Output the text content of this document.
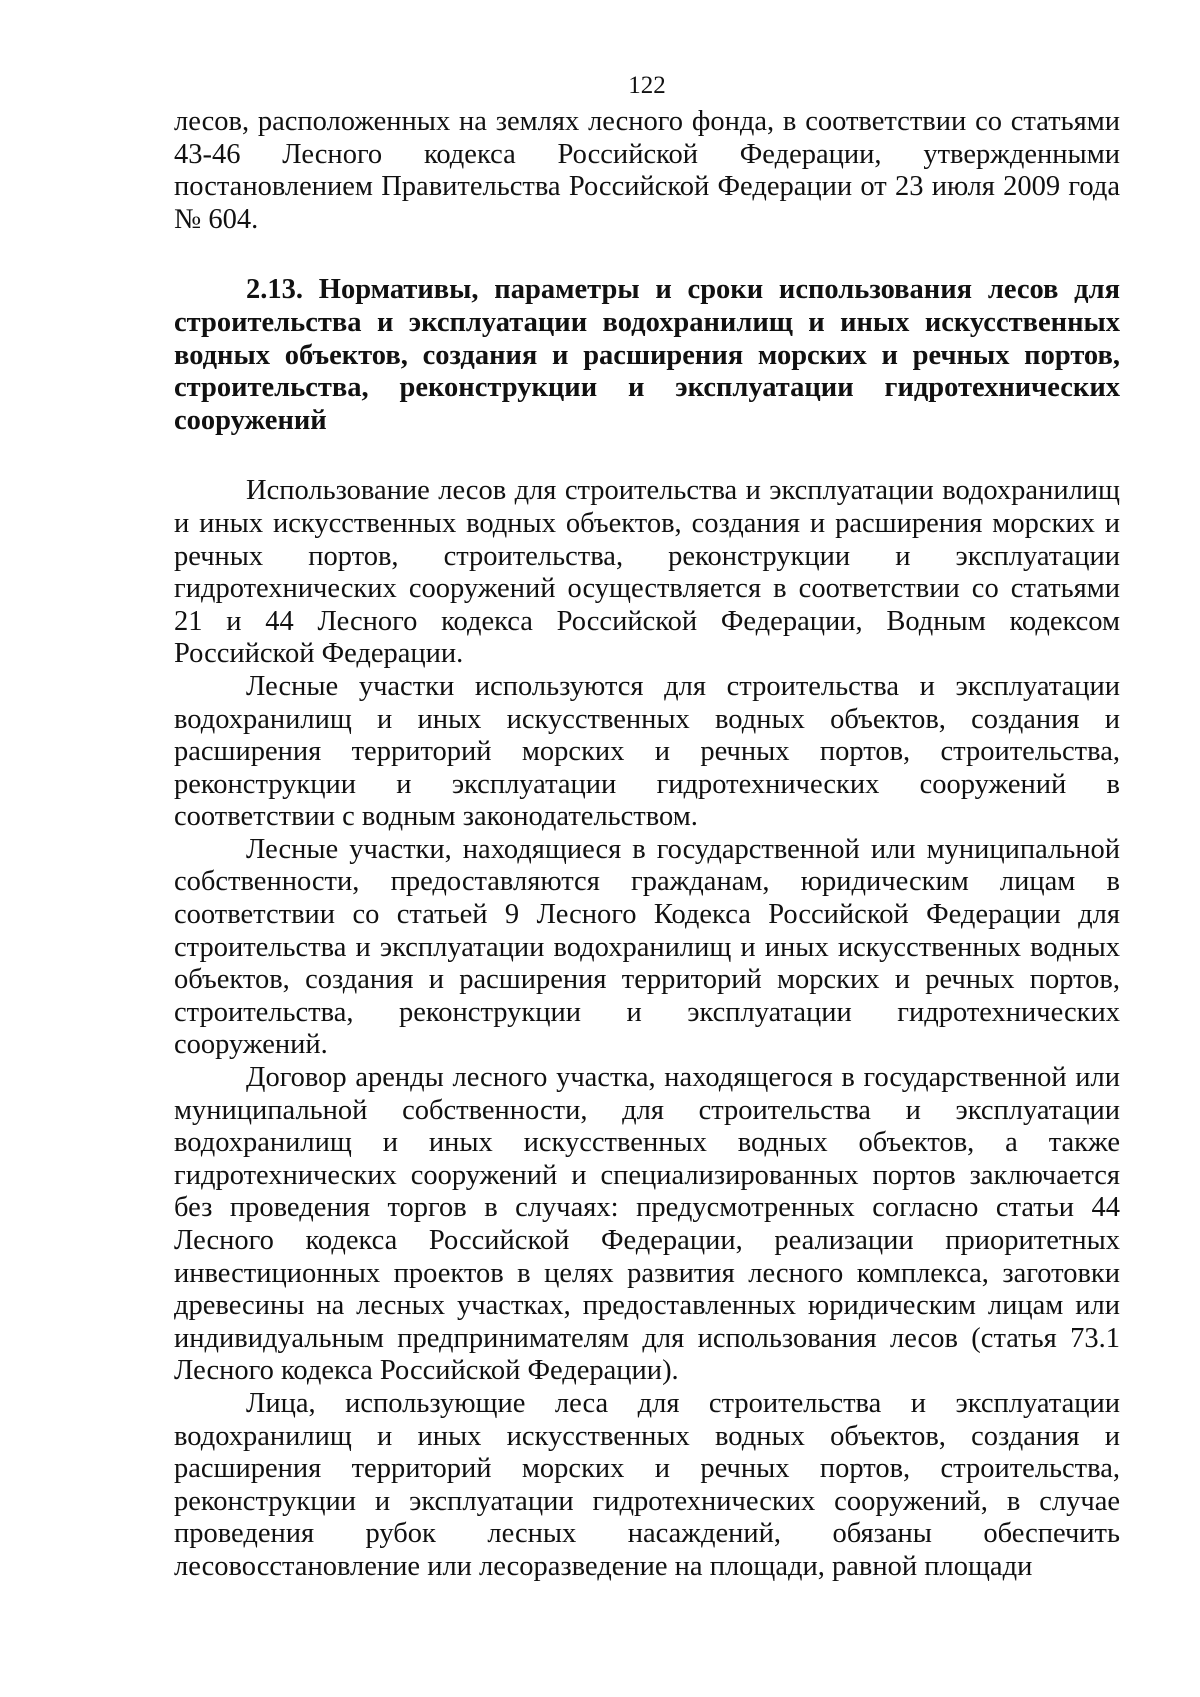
122

лесов, расположенных на землях лесного фонда, в соответствии со статьями 43-46 Лесного кодекса Российской Федерации, утвержденными постановлением Правительства Российской Федерации от 23 июля 2009 года № 604.

2.13. Нормативы, параметры и сроки использования лесов для строительства и эксплуатации водохранилищ и иных искусственных водных объектов, создания и расширения морских и речных портов, строительства, реконструкции и эксплуатации гидротехнических сооружений

Использование лесов для строительства и эксплуатации водохранилищ и иных искусственных водных объектов, создания и расширения морских и речных портов, строительства, реконструкции и эксплуатации гидротехнических сооружений осуществляется в соответствии со статьями 21 и 44 Лесного кодекса Российской Федерации, Водным кодексом Российской Федерации.

Лесные участки используются для строительства и эксплуатации водохранилищ и иных искусственных водных объектов, создания и расширения территорий морских и речных портов, строительства, реконструкции и эксплуатации гидротехнических сооружений в соответствии с водным законодательством.

Лесные участки, находящиеся в государственной или муниципальной собственности, предоставляются гражданам, юридическим лицам в соответствии со статьей 9 Лесного Кодекса Российской Федерации для строительства и эксплуатации водохранилищ и иных искусственных водных объектов, создания и расширения территорий морских и речных портов, строительства, реконструкции и эксплуатации гидротехнических сооружений.

Договор аренды лесного участка, находящегося в государственной или муниципальной собственности, для строительства и эксплуатации водохранилищ и иных искусственных водных объектов, а также гидротехнических сооружений и специализированных портов заключается без проведения торгов в случаях: предусмотренных согласно статьи 44 Лесного кодекса Российской Федерации, реализации приоритетных инвестиционных проектов в целях развития лесного комплекса, заготовки древесины на лесных участках, предоставленных юридическим лицам или индивидуальным предпринимателям для использования лесов (статья 73.1 Лесного кодекса Российской Федерации).

Лица, использующие леса для строительства и эксплуатации водохранилищ и иных искусственных водных объектов, создания и расширения территорий морских и речных портов, строительства, реконструкции и эксплуатации гидротехнических сооружений, в случае проведения рубок лесных насаждений, обязаны обеспечить лесовосстановление или лесоразведение на площади, равной площади
